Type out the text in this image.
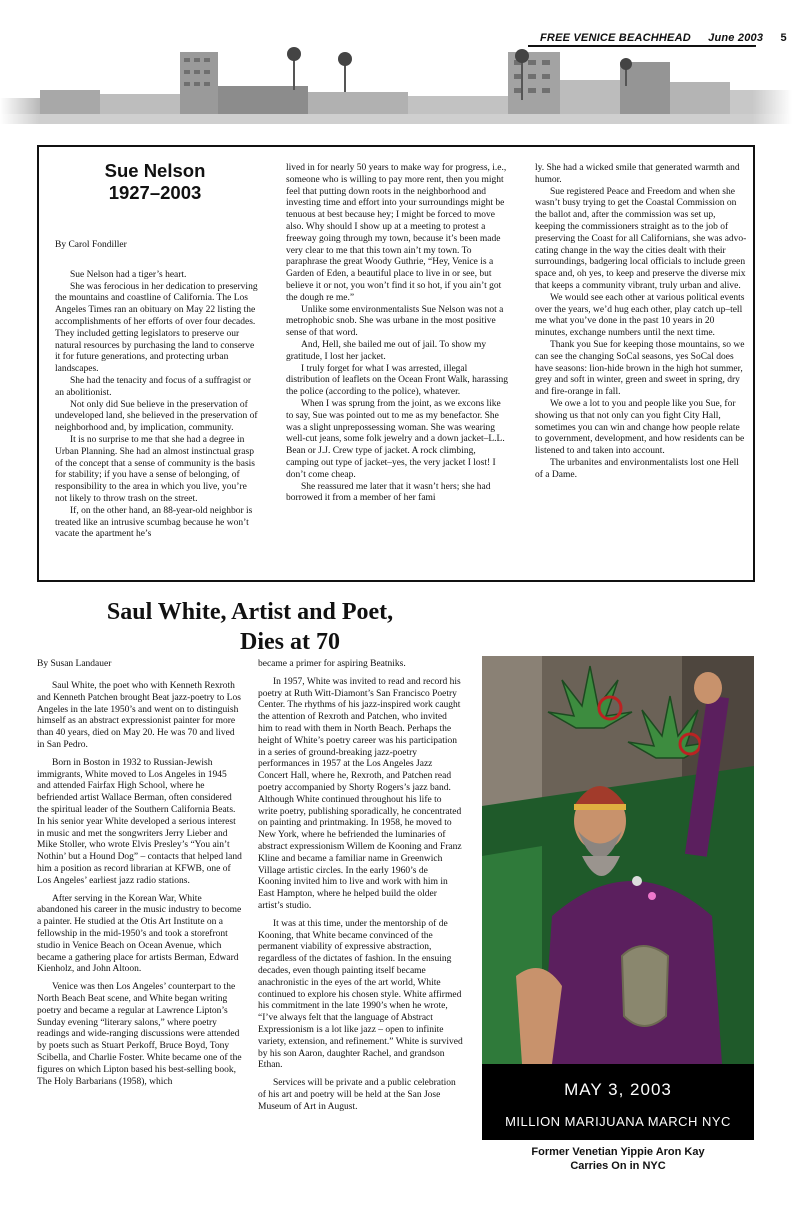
FREE VENICE BEACHHEAD June 2003 5
Sue Nelson
1927–2003

By Carol Fondiller

Sue Nelson had a tiger’s heart.

She was ferocious in her dedication to preserving the mountains and coastline of California. The Los Angeles Times ran an obituary on May 22 listing the accomplishments of her efforts of over four decades. They included getting legislators to preserve our natural resources by purchasing the land to conserve it for future generations, and protecting urban landscapes.

She had the tenacity and focus of a suffragist or an abolitionist.

Not only did Sue believe in the preservation of undeveloped land, she believed in the preservation of neighborhood and, by implication, community.

It is no surprise to me that she had a degree in Urban Planning. She had an almost instinctual grasp of the concept that a sense of community is the basis for stability; if you have a sense of belonging, of responsibility to the area in which you live, you’re not likely to throw trash on the street.

If, on the other hand, an 88-year-old neighbor is treated like an intrusive scumbag because he won’t vacate the apartment he’s

lived in for nearly 50 years to make way for progress, i.e., someone who is willing to pay more rent, then you might feel that putting down roots in the neighborhood and investing time and effort into your surroundings might be tenuous at best because hey; I might be forced to move also. Why should I show up at a meeting to protest a freeway going through my town, because it’s been made very clear to me that this town ain’t my town. To paraphrase the great Woody Guthrie, “Hey, Venice is a Garden of Eden, a beautiful place to live in or see, but believe it or not, you won’t find it so hot, if you ain’t got the dough re me.”

Unlike some environmentalists Sue Nelson was not a metrophobic snob. She was urbane in the most positive sense of that word.

And, Hell, she bailed me out of jail. To show my gratitude, I lost her jacket.

I truly forget for what I was arrested, illegal distribution of leaflets on the Ocean Front Walk, harassing the police (according to the police), whatever.

When I was sprung from the joint, as we excons like to say, Sue was pointed out to me as my benefactor. She was a slight unprepossessing woman. She was wearing well-cut jeans, some folk jewelry and a down jacket–L.L. Bean or J.J. Crew type of jacket. A rock climbing, camping out type of jacket–yes, the very jacket I lost! I don’t come cheap.

She reassured me later that it wasn’t hers; she had borrowed it from a member of her fami

ly. She had a wicked smile that generated warmth and humor.

Sue registered Peace and Freedom and when she wasn’t busy trying to get the Coastal Commission on the ballot and, after the commission was set up, keeping the commissioners straight as to the job of preserving the Coast for all Californians, she was advocating change in the way the cities dealt with their surroundings, badgering local officials to include green space and, oh yes, to keep and preserve the diverse mix that keeps a community vibrant, truly urban and alive.

We would see each other at various political events over the years, we’d hug each other, play catch up–tell me what you’ve done in the past 10 years in 20 minutes, exchange numbers until the next time.

Thank you Sue for keeping those mountains, so we can see the changing SoCal seasons, yes SoCal does have seasons: lion-hide brown in the high hot summer, grey and soft in winter, green and sweet in spring, dry and fire-orange in fall.

We owe a lot to you and people like you Sue, for showing us that not only can you fight City Hall, sometimes you can win and change how people relate to government, development, and how residents can be listened to and taken into account.

The urbanites and environmentalists lost one Hell of a Dame.

Saul White, Artist and Poet,
Dies at 70
By Susan Landauer

Saul White, the poet who with Kenneth Rexroth and Kenneth Patchen brought Beat jazz-poetry to Los Angeles in the late 1950’s and went on to distinguish himself as an abstract expressionist painter for more than 40 years, died on May 20. He was 70 and lived in San Pedro.

Born in Boston in 1932 to Russian-Jewish immigrants, White moved to Los Angeles in 1945 and attended Fairfax High School, where he befriended artist Wallace Berman, often considered the spiritual leader of the Southern California Beats. In his senior year White developed a serious interest in music and met the songwriters Jerry Lieber and Mike Stoller, who wrote Elvis Presley’s “You ain’t Nothin’ but a Hound Dog” – contacts that helped land him a position as record librarian at KFWB, one of Los Angeles’ earliest jazz radio stations.

After serving in the Korean War, White abandoned his career in the music industry to become a painter. He studied at the Otis Art Institute on a fellowship in the mid-1950’s and took a storefront studio in Venice Beach on Ocean Avenue, which became a gathering place for artists Berman, Edward Kienholz, and John Altoon.

Venice was then Los Angeles’ counterpart to the North Beach Beat scene, and White began writing poetry and became a regular at Lawrence Lipton’s Sunday evening “literary salons,” where poetry readings and wide-ranging discussions were attended by poets such as Stuart Perkoff, Bruce Boyd, Tony Scibella, and Charlie Foster. White became one of the figures on which Lipton based his best-selling book, The Holy Barbarians (1958), which

became a primer for aspiring Beatniks.

In 1957, White was invited to read and record his poetry at Ruth Witt-Diamont’s San Francisco Poetry Center. The rhythms of his jazz-inspired work caught the attention of Rexroth and Patchen, who invited him to read with them in North Beach. Perhaps the height of White’s poetry career was his participation in a series of ground-breaking jazz-poetry performances in 1957 at the Los Angeles Jazz Concert Hall, where he, Rexroth, and Patchen read poetry accompanied by Shorty Rogers’s jazz band. Although White continued throughout his life to write poetry, publishing sporadically, he concentrated on painting and printmaking. In 1958, he moved to New York, where he befriended the luminaries of abstract expressionism Willem de Kooning and Franz Kline and became a familiar name in Greenwich Village artistic circles. In the early 1960’s de Kooning invited him to live and work with him in East Hampton, where he helped build the older artist’s studio.

It was at this time, under the mentorship of de Kooning, that White became convinced of the permanent viability of expressive abstraction, regardless of the dictates of fashion. In the ensuing decades, even though painting itself became anachronistic in the eyes of the art world, White continued to explore his chosen style. White affirmed his commitment in the late 1990’s when he wrote, “I’ve always felt that the language of Abstract Expressionism is a lot like jazz – open to infinite variety, extension, and refinement.” White is survived by his son Aaron, daughter Rachel, and grandson Ethan.

Services will be private and a public celebration of his art and poetry will be held at the San Jose Museum of Art in August.

MAY 3, 2003
MILLION MARIJUANA MARCH NYC
Former Venetian Yippie Aron Kay
Carries On in NYC
